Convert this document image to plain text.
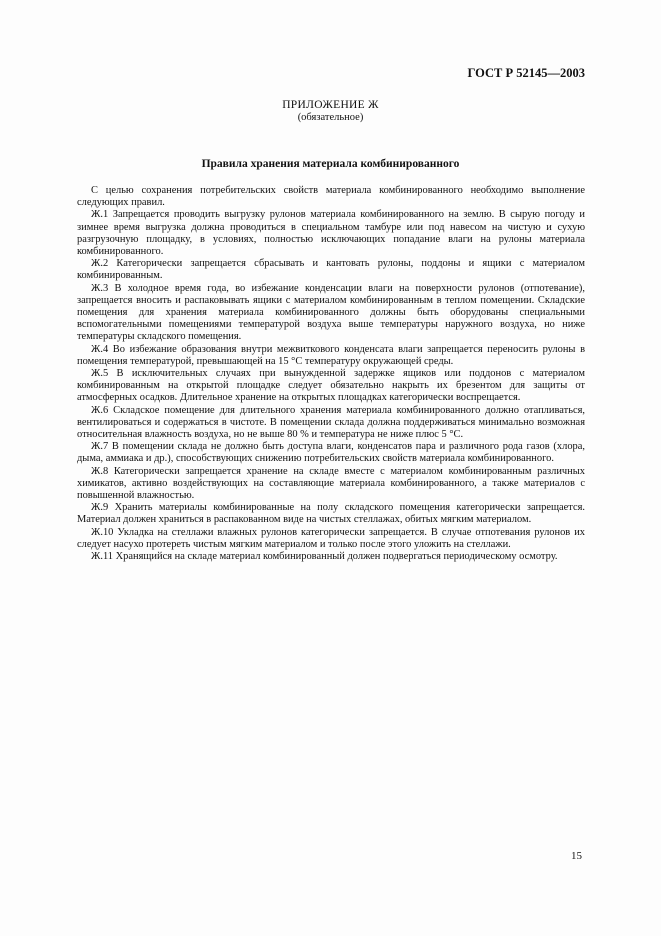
ГОСТ Р 52145—2003
ПРИЛОЖЕНИЕ Ж
(обязательное)
Правила хранения материала комбинированного

С целью сохранения потребительских свойств материала комбинированного необходимо выполнение следующих правил.

Ж.1 Запрещается проводить выгрузку рулонов материала комбинированного на землю. В сырую погоду и зимнее время выгрузка должна проводиться в специальном тамбуре или под навесом на чистую и сухую разгрузочную площадку, в условиях, полностью исключающих попадание влаги на рулоны материала комбинированного.

Ж.2 Категорически запрещается сбрасывать и кантовать рулоны, поддоны и ящики с материалом комбинированным.

Ж.3 В холодное время года, во избежание конденсации влаги на поверхности рулонов (отпотевание), запрещается вносить и распаковывать ящики с материалом комбинированным в теплом помещении. Складские помещения для хранения материала комбинированного должны быть оборудованы специальными вспомогательными помещениями температурой воздуха выше температуры наружного воздуха, но ниже температуры складского помещения.

Ж.4 Во избежание образования внутри межвиткового конденсата влаги запрещается переносить рулоны в помещения температурой, превышающей на 15 °С температуру окружающей среды.

Ж.5 В исключительных случаях при вынужденной задержке ящиков или поддонов с материалом комбинированным на открытой площадке следует обязательно накрыть их брезентом для защиты от атмосферных осадков. Длительное хранение на открытых площадках категорически воспрещается.

Ж.6 Складское помещение для длительного хранения материала комбинированного должно отапливаться, вентилироваться и содержаться в чистоте. В помещении склада должна поддерживаться минимально возможная относительная влажность воздуха, но не выше 80 % и температура не ниже плюс 5 °С.

Ж.7 В помещении склада не должно быть доступа влаги, конденсатов пара и различного рода газов (хлора, дыма, аммиака и др.), способствующих снижению потребительских свойств материала комбинированного.

Ж.8 Категорически запрещается хранение на складе вместе с материалом комбинированным различных химикатов, активно воздействующих на составляющие материала комбинированного, а также материалов с повышенной влажностью.

Ж.9 Хранить материалы комбинированные на полу складского помещения категорически запрещается. Материал должен храниться в распакованном виде на чистых стеллажах, обитых мягким материалом.

Ж.10 Укладка на стеллажи влажных рулонов категорически запрещается. В случае отпотевания рулонов их следует насухо протереть чистым мягким материалом и только после этого уложить на стеллажи.

Ж.11 Хранящийся на складе материал комбинированный должен подвергаться периодическому осмотру.

15
